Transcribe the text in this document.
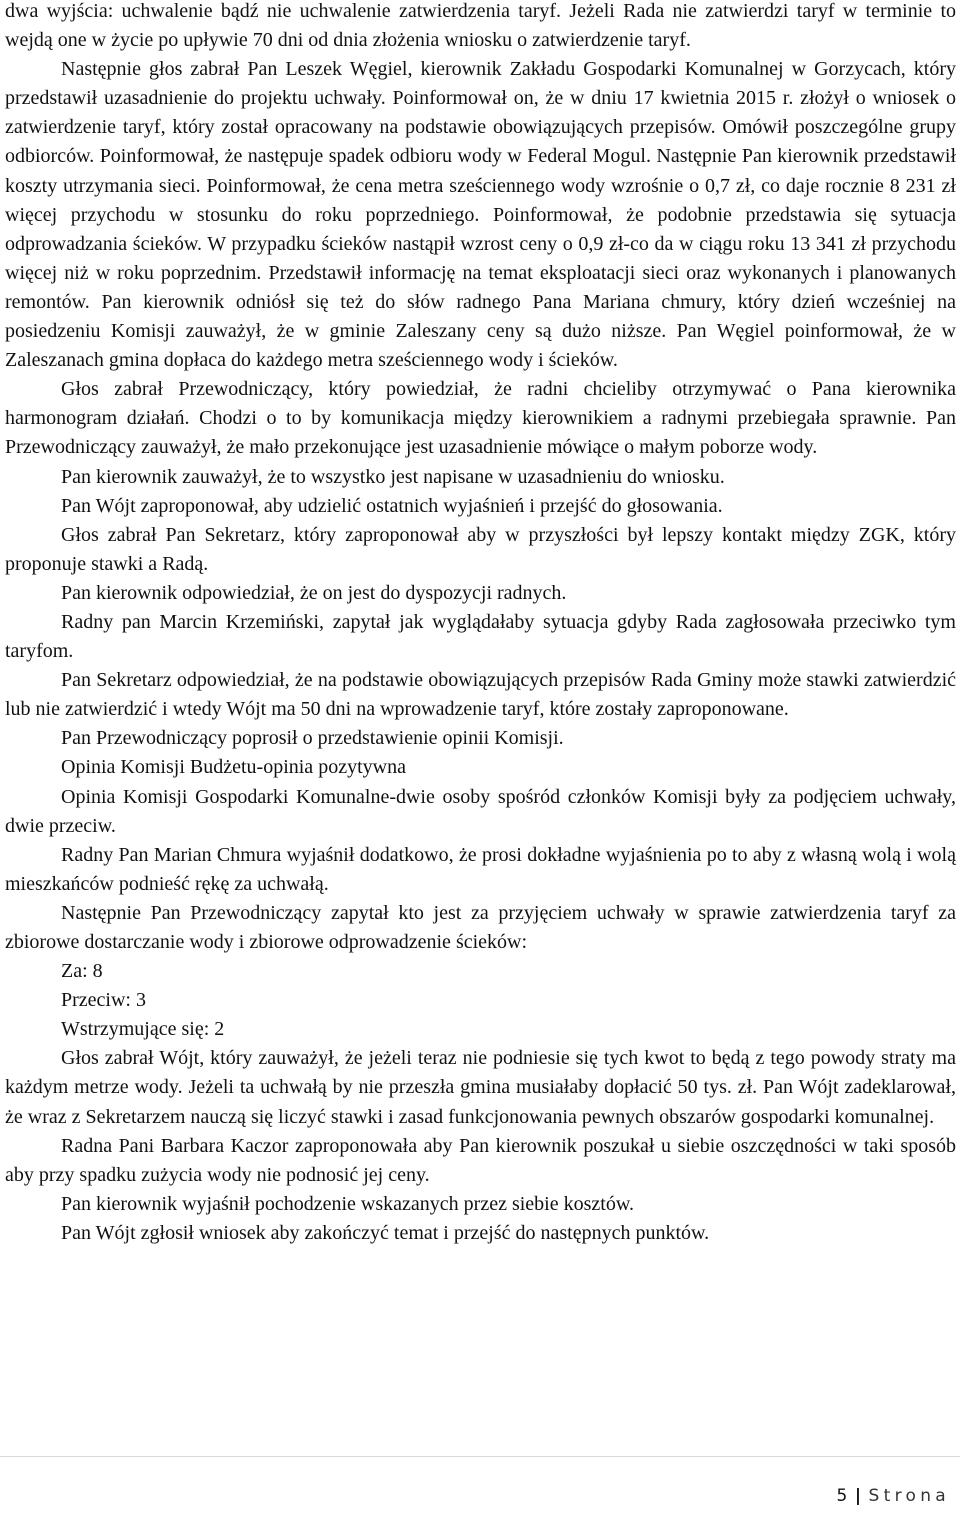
dwa wyjścia: uchwalenie bądź nie uchwalenie zatwierdzenia taryf. Jeżeli Rada nie zatwierdzi taryf w terminie to wejdą one w życie po upływie 70 dni od dnia złożenia wniosku o zatwierdzenie taryf.

Następnie głos zabrał Pan Leszek Węgiel, kierownik Zakładu Gospodarki Komunalnej w Gorzycach, który przedstawił uzasadnienie do projektu uchwały. Poinformował on, że w dniu 17 kwietnia 2015 r. złożył o wniosek o zatwierdzenie taryf, który został opracowany na podstawie obowiązujących przepisów. Omówił poszczególne grupy odbiorców. Poinformował, że następuje spadek odbioru wody w Federal Mogul. Następnie Pan kierownik przedstawił koszty utrzymania sieci. Poinformował, że cena metra sześciennego wody wzrośnie o 0,7 zł, co daje rocznie 8 231 zł więcej przychodu w stosunku do roku poprzedniego. Poinformował, że podobnie przedstawia się sytuacja odprowadzania ścieków. W przypadku ścieków nastąpił wzrost ceny o 0,9 zł-co da w ciągu roku 13 341 zł przychodu więcej niż w roku poprzednim. Przedstawił informację na temat eksploatacji sieci oraz wykonanych i planowanych remontów. Pan kierownik odniósł się też do słów radnego Pana Mariana chmury, który dzień wcześniej na posiedzeniu Komisji zauważył, że w gminie Zaleszany ceny są dużo niższe. Pan Węgiel poinformował, że w Zaleszanach gmina dopłaca do każdego metra sześciennego wody i ścieków.

Głos zabrał Przewodniczący, który powiedział, że radni chcieliby otrzymywać o Pana kierownika harmonogram działań. Chodzi o to by komunikacja między kierownikiem a radnymi przebiegała sprawnie. Pan Przewodniczący zauważył, że mało przekonujące jest uzasadnienie mówiące o małym poborze wody.

Pan kierownik zauważył, że to wszystko jest napisane w uzasadnieniu do wniosku.

Pan Wójt zaproponował, aby udzielić ostatnich wyjaśnień i przejść do głosowania.

Głos zabrał Pan Sekretarz, który zaproponował aby w przyszłości był lepszy kontakt między ZGK, który proponuje stawki a Radą.

Pan kierownik odpowiedział, że on jest do dyspozycji radnych.

Radny pan Marcin Krzemiński, zapytał jak wyglądałaby sytuacja gdyby Rada zagłosowała przeciwko tym taryfom.

Pan Sekretarz odpowiedział, że na podstawie obowiązujących przepisów Rada Gminy może stawki zatwierdzić lub nie zatwierdzić i wtedy Wójt ma 50 dni na wprowadzenie taryf, które zostały zaproponowane.

Pan Przewodniczący poprosił o przedstawienie opinii Komisji.

Opinia Komisji Budżetu-opinia pozytywna

Opinia Komisji Gospodarki Komunalne-dwie osoby spośród członków Komisji były za podjęciem uchwały, dwie przeciw.

Radny Pan Marian Chmura wyjaśnił dodatkowo, że prosi dokładne wyjaśnienia po to aby z własną wolą i wolą mieszkańców podnieść rękę za uchwałą.

Następnie Pan Przewodniczący zapytał kto jest za przyjęciem uchwały w sprawie zatwierdzenia taryf za zbiorowe dostarczanie wody i zbiorowe odprowadzenie ścieków:

Za: 8

Przeciw: 3

Wstrzymujące się: 2

Głos zabrał Wójt, który zauważył, że jeżeli teraz nie podniesie się tych kwot to będą z tego powody straty ma każdym metrze wody. Jeżeli ta uchwałą by nie przeszła gmina musiałaby dopłacić 50 tys. zł. Pan Wójt zadeklarował, że wraz z Sekretarzem nauczą się liczyć stawki i zasad funkcjonowania pewnych obszarów gospodarki komunalnej.

Radna Pani Barbara Kaczor zaproponowała aby Pan kierownik poszukał u siebie oszczędności w taki sposób aby przy spadku zużycia wody nie podnosić jej ceny.

Pan kierownik wyjaśnił pochodzenie wskazanych przez siebie kosztów.

Pan Wójt zgłosił wniosek aby zakończyć temat i przejść do następnych punktów.

5 | Strona
